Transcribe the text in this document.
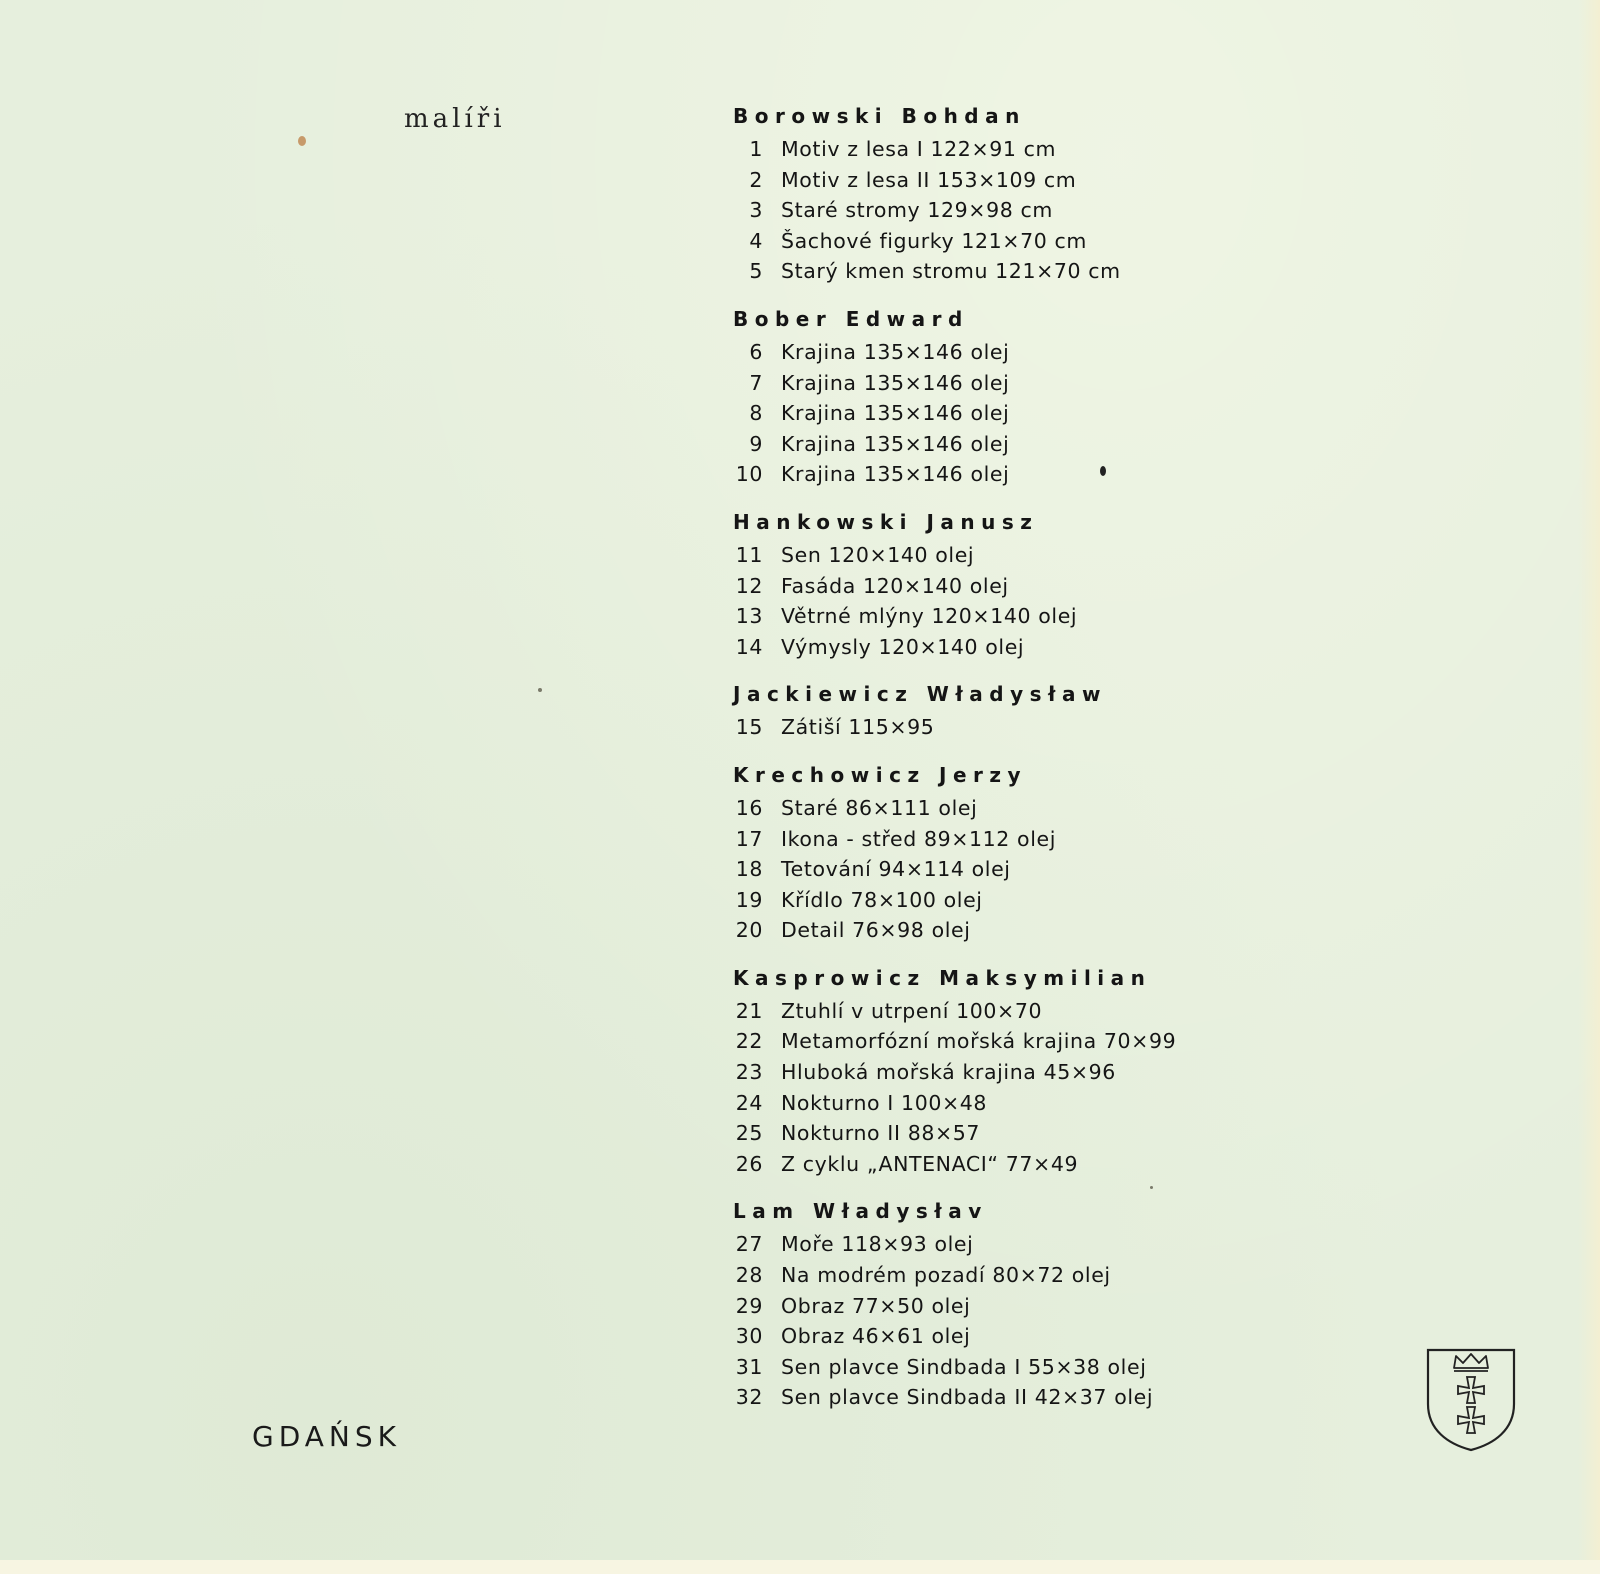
malíři	Borowski Bohdan
1 Motiv z lesa I 122×91 cm
2 Motiv z lesa II 153×109 cm
3 Staré stromy 129×98 cm
4 Šachové figurky 121×70 cm
5 Starý kmen stromu 121×70 cm
Bober Edward
6 Krajina 135×146 olej
7 Krajina 135×146 olej
8 Krajina 135×146 olej
9 Krajina 135×146 olej
10 Krajina 135×146 olej
Hankowski Janusz
11 Sen 120×140 olej
12 Fasáda 120×140 olej
13 Větrné mlýny 120×140 olej
14 Výmysly 120×140 olej
Jackiewicz Władysław
15 Zátiší 115×95
Krechowicz Jerzy
16 Staré 86×111 olej
17 Ikona - střed 89×112 olej
18 Tetování 94×114 olej
19 Křídlo 78×100 olej
20 Detail 76×98 olej
Kasprowicz Maksymilian
21 Ztuhlí v utrpení 100×70
22 Metamorfózní mořská krajina 70×99
23 Hluboká mořská krajina 45×96
24 Nokturno I 100×48
25 Nokturno II 88×57
26 Z cyklu „ANTENACI“ 77×49
Lam Władysłav
27 Moře 118×93 olej
28 Na modrém pozadí 80×72 olej
29 Obraz 77×50 olej
30 Obraz 46×61 olej
31 Sen plavce Sindbada I 55×38 olej
32 Sen plavce Sindbada II 42×37 olej
GDAŃSK
